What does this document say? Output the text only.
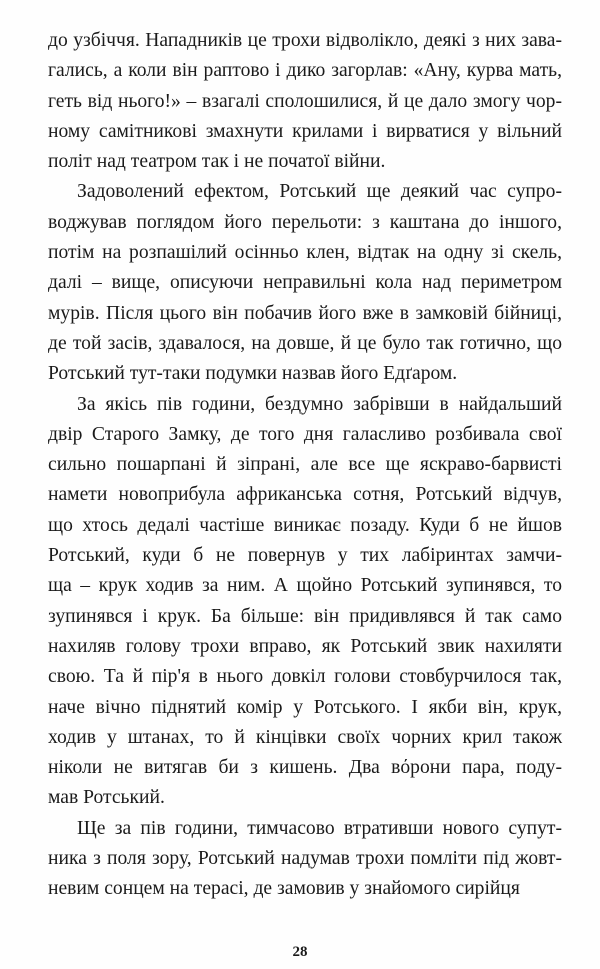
до узбіччя. Нападників це трохи відволікло, деякі з них зава-
гались, а коли він раптово і дико загорлав: «Ану, курва мать,
геть від нього!» – взагалі сполошилися, й це дало змогу чор-
ному самітникові змахнути крилами і вирватися у вільний
політ над театром так і не початої війни.
Задоволений ефектом, Ротський ще деякий час супро-
воджував поглядом його перельоти: з каштана до іншого,
потім на розпашілий осінньо клен, відтак на одну зі скель,
далі – вище, описуючи неправильні кола над периметром
мурів. Після цього він побачив його вже в замковій бійниці,
де той засів, здавалося, на довше, й це було так готично, що
Ротський тут-таки подумки назвав його Едґаром.
За якісь пів години, бездумно забрівши в найдальший
двір Старого Замку, де того дня галасливо розбивала свої
сильно пошарпані й зіпрані, але все ще яскраво-барвисті
намети новоприбула африканська сотня, Ротський відчув,
що хтось дедалі частіше виникає позаду. Куди б не йшов
Ротський, куди б не повернув у тих лабіринтах замчи-
ща – крук ходив за ним. А щойно Ротський зупинявся, то
зупинявся і крук. Ба більше: він придивлявся й так само
нахиляв голову трохи вправо, як Ротський звик нахиляти
свою. Та й пір'я в нього довкіл голови стовбурчилося так,
наче вічно піднятий комір у Ротського. І якби він, крук,
ходив у штанах, то й кінцівки своїх чорних крил також
ніколи не витягав би з кишень. Два вόрони пара, поду-
мав Ротський.
Ще за пів години, тимчасово втративши нового супут-
ника з поля зору, Ротський надумав трохи помліти під жовт-
невим сонцем на терасі, де замовив у знайомого сирійця
28
